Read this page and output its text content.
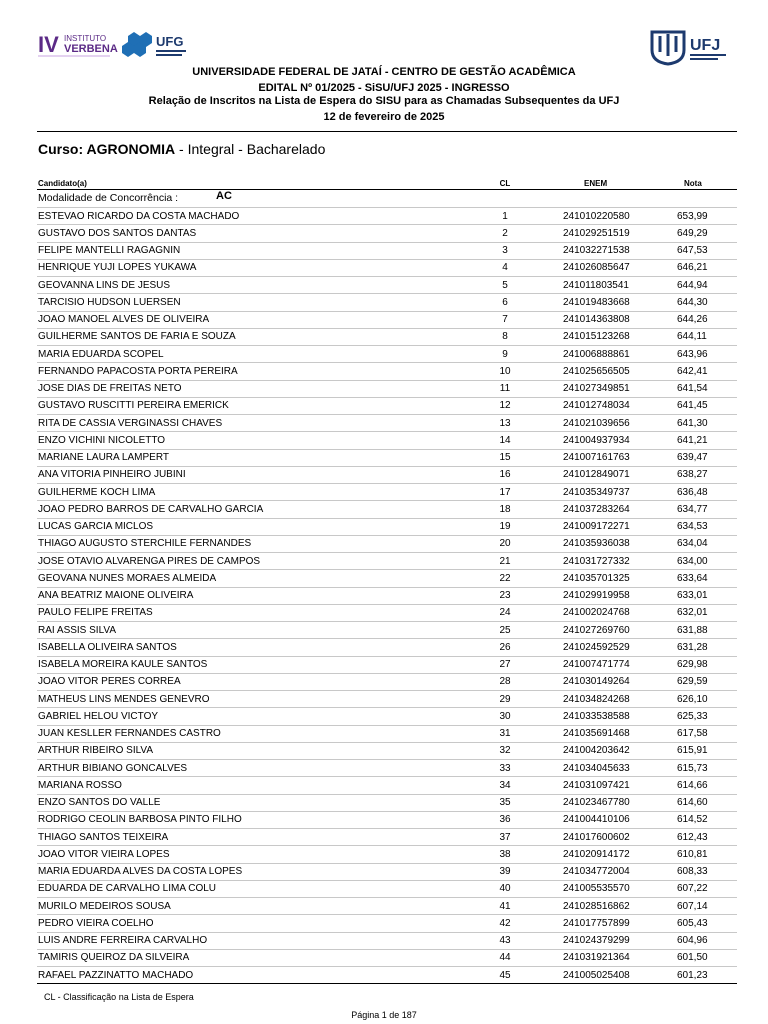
IV INSTITUTO
VERBENA	UFG	UFJ
UNIVERSIDADE FEDERAL DE JATAÍ - CENTRO DE GESTÃO ACADÊMICA
EDITAL Nº 01/2025 - SiSU/UFJ 2025 - INGRESSO
Relação de Inscritos na Lista de Espera do SISU para as Chamadas Subsequentes da UFJ
12 de fevereiro de 2025
Curso: AGRONOMIA - Integral - Bacharelado
Candidato(a)	CL	ENEM	Nota
Modalidade de Concorrência :	AC
ESTEVAO RICARDO DA COSTA MACHADO	1	241010220580	653,99
GUSTAVO DOS SANTOS DANTAS	2	241029251519	649,29
FELIPE MANTELLI RAGAGNIN	3	241032271538	647,53
HENRIQUE YUJI LOPES YUKAWA	4	241026085647	646,21
GEOVANNA LINS DE JESUS	5	241011803541	644,94
TARCISIO HUDSON LUERSEN	6	241019483668	644,30
JOAO MANOEL ALVES DE OLIVEIRA	7	241014363808	644,26
GUILHERME SANTOS DE FARIA E SOUZA	8	241015123268	644,11
MARIA EDUARDA SCOPEL	9	241006888861	643,96
FERNANDO PAPACOSTA PORTA PEREIRA	10	241025656505	642,41
JOSE DIAS DE FREITAS NETO	11	241027349851	641,54
GUSTAVO RUSCITTI PEREIRA EMERICK	12	241012748034	641,45
RITA DE CASSIA VERGINASSI CHAVES	13	241021039656	641,30
ENZO VICHINI NICOLETTO	14	241004937934	641,21
MARIANE LAURA LAMPERT	15	241007161763	639,47
ANA VITORIA PINHEIRO JUBINI	16	241012849071	638,27
GUILHERME KOCH LIMA	17	241035349737	636,48
JOAO PEDRO BARROS DE CARVALHO GARCIA	18	241037283264	634,77
LUCAS GARCIA MICLOS	19	241009172271	634,53
THIAGO AUGUSTO STERCHILE FERNANDES	20	241035936038	634,04
JOSE OTAVIO ALVARENGA PIRES DE CAMPOS	21	241031727332	634,00
GEOVANA NUNES MORAES ALMEIDA	22	241035701325	633,64
ANA BEATRIZ MAIONE OLIVEIRA	23	241029919958	633,01
PAULO FELIPE FREITAS	24	241002024768	632,01
RAI ASSIS SILVA	25	241027269760	631,88
ISABELLA OLIVEIRA SANTOS	26	241024592529	631,28
ISABELA MOREIRA KAULE SANTOS	27	241007471774	629,98
JOAO VITOR PERES CORREA	28	241030149264	629,59
MATHEUS LINS MENDES GENEVRO	29	241034824268	626,10
GABRIEL HELOU VICTOY	30	241033538588	625,33
JUAN KESLLER FERNANDES CASTRO	31	241035691468	617,58
ARTHUR RIBEIRO SILVA	32	241004203642	615,91
ARTHUR BIBIANO GONCALVES	33	241034045633	615,73
MARIANA ROSSO	34	241031097421	614,66
ENZO SANTOS DO VALLE	35	241023467780	614,60
RODRIGO CEOLIN BARBOSA PINTO FILHO	36	241004410106	614,52
THIAGO SANTOS TEIXEIRA	37	241017600602	612,43
JOAO VITOR VIEIRA LOPES	38	241020914172	610,81
MARIA EDUARDA ALVES DA COSTA LOPES	39	241034772004	608,33
EDUARDA DE CARVALHO LIMA COLU	40	241005535570	607,22
MURILO MEDEIROS SOUSA	41	241028516862	607,14
PEDRO VIEIRA COELHO	42	241017757899	605,43
LUIS ANDRE FERREIRA CARVALHO	43	241024379299	604,96
TAMIRIS QUEIROZ DA SILVEIRA	44	241031921364	601,50
RAFAEL PAZZINATTO MACHADO	45	241005025408	601,23
CL - Classificação na Lista de Espera
Página 1 de 187
